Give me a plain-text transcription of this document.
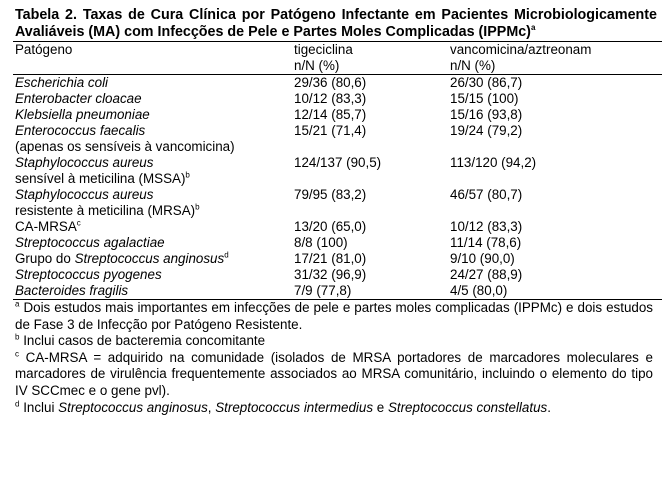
Tabela 2. Taxas de Cura Clínica por Patógeno Infectante em Pacientes Microbiologicamente Avaliáveis (MA) com Infecções de Pele e Partes Moles Complicadas (IPPMc)$^a$
Patógeno	tigeciclina	vancomicina/aztreonam
	n/N (%)	n/N (%)
Escherichia coli	29/36 (80,6)	26/30 (86,7)
Enterobacter cloacae	10/12 (83,3)	15/15 (100)
Klebsiella pneumoniae	12/14 (85,7)	15/16 (93,8)
Enterococcus faecalis	15/21 (71,4)	19/24 (79,2)
(apenas os sensíveis à vancomicina)		
Staphylococcus aureus	124/137 (90,5)	113/120 (94,2)
sensível à meticilina (MSSA)$^b$		
Staphylococcus aureus	79/95 (83,2)	46/57 (80,7)
resistente à meticilina (MRSA)$^b$		
CA-MRSA$^c$	13/20 (65,0)	10/12 (83,3)
Streptococcus agalactiae	8/8 (100)	11/14 (78,6)
Grupo do Streptococcus anginosus$^d$	17/21 (81,0)	9/10 (90,0)
Streptococcus pyogenes	31/32 (96,9)	24/27 (88,9)
Bacteroides fragilis	7/9 (77,8)	4/5 (80,0)

$^a$ Dois estudos mais importantes em infecções de pele e partes moles complicadas (IPPMc) e dois estudos de Fase 3 de Infecção por Patógeno Resistente.

$^b$ Inclui casos de bacteremia concomitante

$^c$ CA-MRSA = adquirido na comunidade (isolados de MRSA portadores de marcadores moleculares e marcadores de virulência frequentemente associados ao MRSA comunitário, incluindo o elemento do tipo IV SCCmec e o gene pvl).

$^d$ Inclui Streptococcus anginosus, Streptococcus intermedius e Streptococcus constellatus.
